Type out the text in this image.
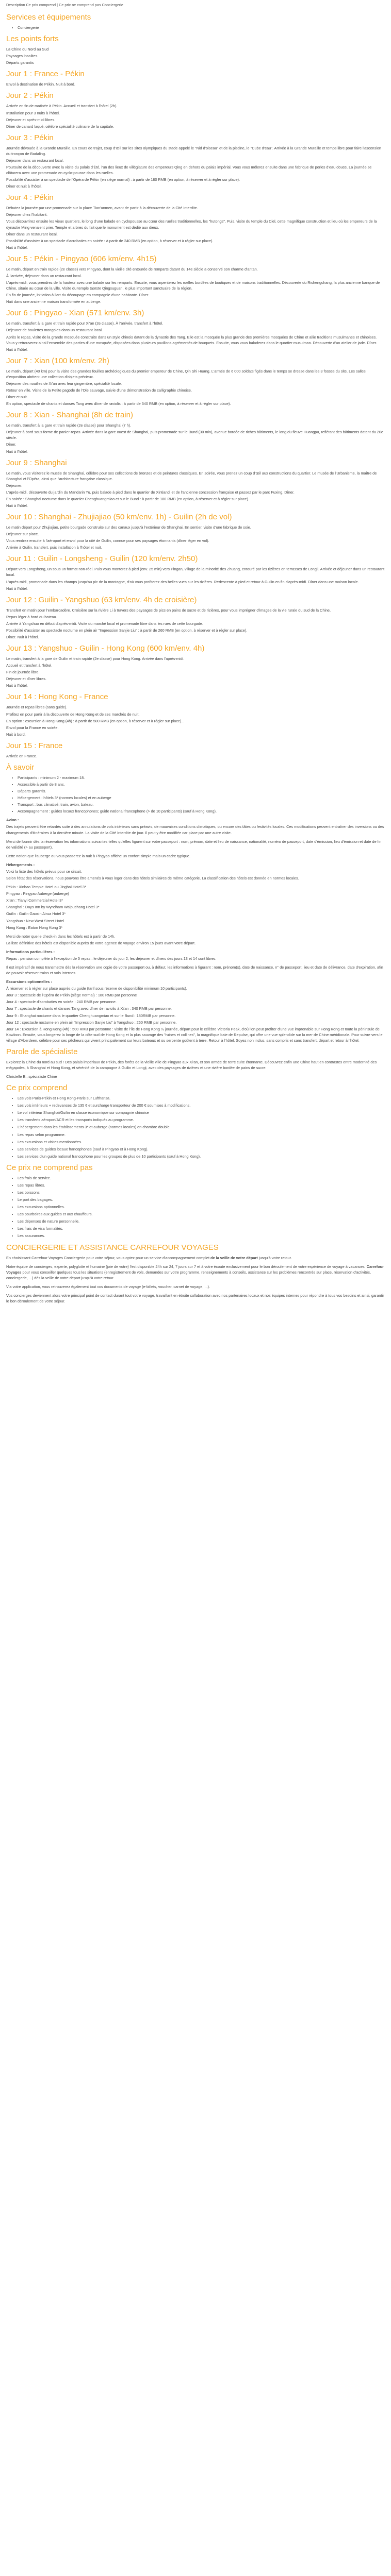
Description Ce prix comprend | Ce prix ne comprend pas Conciergerie
Services et équipements
• Conciergerie
Les points forts

La Chine du Nord au Sud

Paysages insolites

Départs garantis

Jour 1 : France - Pékin

Envol à destination de Pékin. Nuit à bord.

Jour 2 : Pékin

Arrivée en fin de matinée à Pékin. Accueil et transfert à l'hôtel (2h).

Installation pour 3 nuits à l'hôtel.

Déjeuner et après-midi libres.

Dîner de canard laqué, célèbre spécialité culinaire de la capitale.

Jour 3 : Pékin

Journée dévouée à la Grande Muraille. En cours de trajet, coup d'œil sur les sites olympiques du stade appelé le "Nid d'oiseau" et de la piscine, le "Cube d'eau". Arrivée à la Grande Muraille et temps libre pour faire l'ascension du tronçon de Badaling.

Déjeuner dans un restaurant local.

Poursuite de la découverte avec la visite du palais d'Été, l'un des lieux de villégiature des empereurs Qing en dehors du palais impérial. Vous vous mêlerez ensuite dans une fabrique de perles d'eau douce. La journée se clôturera avec une promenade en cyclo-pousse dans les ruelles.

Possibilité d'assister à un spectacle de l'Opéra de Pékin (en siège normal) : à partir de 180 RMB (en option, à réserver et à régler sur place).

Dîner et nuit à l'hôtel.

Jour 4 : Pékin

Débutez la journée par une promenade sur la place Tian'anmen, avant de partir à la découverte de la Cité Interdite.

Déjeuner chez l'habitant.

Vous découvrirez ensuite les vieux quartiers, le long d'une balade en cyclopousse au cœur des ruelles traditionnelles, les "hutongs". Puis, visite du temple du Ciel, cette magnifique construction et lieu où les empereurs de la dynastie Ming venaient prier. Temple et arbres du fait que le monument est dédié aux dieux.

Dîner dans un restaurant local.

Possibilité d'assister à un spectacle d'acrobaties en soirée : à partir de 240 RMB (en option, à réserver et à régler sur place).

Nuit à l'hôtel.

Jour 5 : Pékin - Pingyao (606 km/env. 4h15)

Le matin, départ en train rapide (2e classe) vers Pingyao, dont la vieille cité entourée de remparts datant du 14e siècle a conservé son charme d'antan.

À l'arrivée, déjeuner dans un restaurant local.

L'après-midi, vous prendrez de la hauteur avec une balade sur les remparts. Ensuite, vous arpenterez les ruelles bordées de boutiques et de maisons traditionnelles. Découverte du Rishengchang, la plus ancienne banque de Chine, située au cœur de la ville. Visite du temple taoïste Qingxuguan, le plus important sanctuaire de la région.

En fin de journée, initiation à l'art du découpage en compagnie d'une habitante. Dîner.

Nuit dans une ancienne maison transformée en auberge.

Jour 6 : Pingyao - Xian (571 km/env. 3h)

Le matin, transfert à la gare et train rapide pour Xi'an (2e classe). À l'arrivée, transfert à l'hôtel.

Déjeuner de boulettes mongoles dans un restaurant local.

Après le repas, visite de la grande mosquée construite dans un style chinois datant de la dynastie des Tang. Elle est la mosquée la plus grande des premières mosquées de Chine et allie traditions musulmanes et chinoises. Vous y retrouverez ainsi l'ensemble des parties d'une mosquée, disposées dans plusieurs pavillons agrémentés de bouquets. Ensuite, vous vous baladerez dans le quartier musulman. Découverte d'un atelier de jade. Dîner.

Nuit à l'hôtel.

Jour 7 : Xian (100 km/env. 2h)

Le matin, départ (40 km) pour la visite des grandes fouilles archéologiques du premier empereur de Chine, Qin Shi Huang. L'armée de 6 000 soldats figés dans le temps se dresse dans les 3 fosses du site. Les salles d'exposition abritent une collection d'objets précieux.

Déjeuner des nouilles de Xi'an avec leur gingembre, spécialité locale.

Retour en ville. Visite de la Petite pagode de l'Oie sauvage, suivie d'une démonstration de calligraphie chinoise.

Dîner et nuit.

En option, spectacle de chants et danses Tang avec dîner de raviolis : à partir de 340 RMB (en option, à réserver et à régler sur place).

Jour 8 : Xian - Shanghai (8h de train)

Le matin, transfert à la gare et train rapide (2e classe) pour Shanghai (7 h).

Déjeuner à bord sous forme de panier-repas. Arrivée dans la gare ouest de Shanghai, puis promenade sur le Bund (30 min), avenue bordée de riches bâtiments, le long du fleuve Huangpu, reflétant des bâtiments datant du 20e siècle.

Dîner.

Nuit à l'hôtel.

Jour 9 : Shanghai

Le matin, vous visiterez le musée de Shanghai, célèbre pour ses collections de bronzes et de peintures classiques. En soirée, vous prenez un coup d'œil aux constructions du quartier. Le musée de l'Urbanisme, la maître de Shanghai et l'Opéra, ainsi que l'architecture française classique.

Déjeuner.

L'après-midi, découverte du jardin du Mandarin Yu, puis balade à pied dans le quartier de Xintiandi et de l'ancienne concession française et passez par le parc Fuxing. Dîner.

En soirée : Shanghai nocturne dans le quartier Chenghuangmiao et sur le Bund : à partir de 180 RMB (en option, à réserver et à régler sur place).

Nuit à l'hôtel.

Jour 10 : Shanghai - Zhujiajiao (50 km/env. 1h) - Guilin (2h de vol)

Le matin départ pour Zhujiajiao, petite bourgade construite sur des canaux jusqu'à l'extérieur de Shanghai. En sentier, visite d'une fabrique de soie.

Déjeuner sur place.

Vous rendrez ensuite à l'aéroport et envol pour la cité de Guilin, connue pour ses paysages étonnants (dîner léger en vol).

Arrivée à Guilin, transfert, puis installation à l'hôtel et nuit.

Jour 11 : Guilin - Longsheng - Guilin (120 km/env. 2h50)

Départ vers Longsheng, un sous un format non-réel. Puis vous monterez à pied (env. 25 min) vers Pingan, village de la minorité des Zhuang, entouré par les rizières en terrasses de Longji. Arrivée et déjeuner dans un restaurant local.

L'après-midi, promenade dans les champs jusqu'au pic de la montagne, d'où vous profiterez des belles vues sur les rizières. Redescente à pied et retour à Guilin en fin d'après-midi. Dîner dans une maison locale.

Nuit à l'hôtel.

Jour 12 : Guilin - Yangshuo (63 km/env. 4h de croisière)

Transfert en matin pour l'embarcadère. Croisière sur la rivière Li à travers des paysages de pics en pains de sucre et de rizières, pour vous imprégner d'images de la vie rurale du sud de la Chine.

Repas léger à bord du bateau.

Arrivée à Yangshuo en début d'après-midi. Visite du marché local et promenade libre dans les rues de cette bourgade.

Possibilité d'assister au spectacle nocturne en plein air "Impression Sanjie Liu" : à partir de 260 RMB (en option, à réserver et à régler sur place).

Dîner. Nuit à l'hôtel.

Jour 13 : Yangshuo - Guilin - Hong Kong (600 km/env. 4h)

Le matin, transfert à la gare de Guilin et train rapide (2e classe) pour Hong Kong. Arrivée dans l'après-midi.

Accueil et transfert à l'hôtel.

Fin de journée libre.

Déjeuner et dîner libres.

Nuit à l'hôtel.

Jour 14 : Hong Kong - France

Journée et repas libres (sans guide).

Profitez en pour partir à la découverte de Hong Kong et de ses marchés de nuit.

En option : excursion à Hong Kong (4h) : à partir de 500 RMB (en option, à réserver et à régler sur place)...

Envol pour la France en soirée.

Nuit à bord.

Jour 15 : France

Arrivée en France.

À savoir
• Participants : minimum 2 - maximum 18.
• Accessible à partir de 8 ans.
• Départs garantis.
• Hébergement : hôtels 3* (normes locales) et en auberge
• Transport : bus climatisé, train, avion, bateau.
• Accompagnement : guides locaux francophones; guide national francophone (> de 10 participants) (sauf à Hong Kong).

Avion :

Des trajets peuvent être retardés suite à des annulations de vols intérieurs sans préavis, de mauvaises conditions climatiques, ou encore des tâtes ou festivités locales. Ces modifications peuvent entraîner des inversions ou des changements d'itinéraires à la dernière minute. La visite de la Cité Interdite de jour. Il peut y être modifiée car place par une autre visite.

Merci de fournir dès la réservation les informations suivantes telles qu'elles figurent sur votre passeport : nom, prénom, date et lieu de naissance, nationalité, numéro de passeport, date d'émission, lieu d'émission et date de fin de validité (> au passeport).

Cette notion que l'auberge ou vous passerez la nuit à Pingyao affiche un confort simple mais un cadre typique.

Hébergements :

Voici la liste des hôtels prévus pour ce circuit.

Selon l'état des réservations, nous pouvons être amenés à vous loger dans des hôtels similaires de même catégorie. La classification des hôtels est donnée en normes locales.

Pékin : Xinhao Temple Hotel ou Jinghai Hotel 3*

Pingyao : Pingyao Auberge (auberge)

Xi'an : Tianyi Commercial Hotel 3*

Shanghai : Days Inn by Wyndham Waipuchang Hotel 3*

Guilin : Guilin Gaoxin Airua Hotel 3*

Yangshuo : New West Street Hotel

Hong Kong : Eaton Hong Kong 3*

Merci de noter que le check-in dans les hôtels est à partir de 14h.

La liste définitive des hôtels est disponible auprès de votre agence de voyage environ 15 jours avant votre départ.

Informations particulières :

Repas : pension complète à l'exception de 5 repas : le déjeuner du jour 2, les déjeuner et dîners des jours 13 et 14 sont libres.

Il est impératif de nous transmettre dès la réservation une copie de votre passeport ou, à défaut, les informations à figurant : nom, prénom(s), date de naissance, n° de passeport, lieu et date de délivrance, date d'expiration, afin de pouvoir réserver trains et vols internes.

Excursions optionnelles :

À réserver et à régler sur place auprès du guide (tarif sous réserve de disponibilité minimum 10 participants).

Jour 3 : spectacle de l'Opéra de Pékin (siège normal) : 180 RMB par personne

Jour 4 : spectacle d'acrobaties en soirée : 240 RMB par personne.

Jour 7 : spectacle de chants et danses Tang avec dîner de raviolis à Xi'an : 340 RMB par personne.

Jour 9 : Shanghai nocturne dans le quartier Chenghuangmiao et sur le Bund : 180RMB par personne.

Jour 12 : spectacle nocturne en plein air "Impression Sanjie Liu" à Yangshuo : 260 RMB par personne.

Jour 14 : Excursion à Hong Kong (4h) : 500 RMB par personne : visite de l'île de Hong Kong ½ journée, départ pour le célèbre Victoria Peak, d'où l'on peut profiter d'une vue imprenable sur Hong Kong et toute la péninsule de Kowloon. Ensuite, vous longerez la longe de la côte sud de Hong Kong et la plus sauvage des "ruines et collines", la magnifique baie de Repulse, qui offre une vue splendide sur la mer de Chine méridionale. Pour suivre vers le village d'Aberdeen, célèbre pour ses pêcheurs qui vivent principalement sur leurs bateaux et ou serpente goûtent à terre. Retour à l'hôtel. Soyez non inclus, sans compris et sans transfert, départ et retour à l'hôtel.

Parole de spécialiste

Explorez la Chine du nord au sud ! Des palais impériaux de Pékin, des forêts de la vieille ville de Pingyao aux Xi'an, et son armée de terre cuite étonnante. Découvrez enfin une Chine haut en contrastes entre modernité des mégapoles, à Shanghai et Hong Kong, et sérénité de la campagne à Guilin et Longji, avec des paysages de rizières et une rivière bordée de pains de sucre.

Christelle B., spécialiste Chine

Ce prix comprend
• Les vols Paris-Pékin et Hong Kong-Paris sur Lufthansa.
• Les vols intérieurs + redevances de 135 € et surcharge transporteur de 200 € soumises à modifications.
• Le vol intérieur Shanghai/Guilin en classe économique sur compagnie chinoise
• Les transferts aéroport/ACR et les transports indiqués au programme.
• L'hébergement dans les établissements 3* et auberge (normes locales) en chambre double.
• Les repas selon programme.
• Les excursions et visites mentionnées.
• Les services de guides locaux francophones (sauf à Pingyao et à Hong Kong).
• Les services d'un guide national francophone pour les groupes de plus de 10 participants (sauf à Hong Kong).
Ce prix ne comprend pas
• Les frais de service.
• Les repas libres.
• Les boissons.
• Le port des bagages.
• Les excursions optionnelles.
• Les pourboires aux guides et aux chauffeurs.
• Les dépenses de nature personnelle.
• Les frais de visa formalités.
• Les assurances.
CONCIERGERIE ET ASSISTANCE CARREFOUR VOYAGES

En choisissant Carrefour Voyages Conciergerie pour votre séjour, vous optez pour un service d'accompagnement complet de la veille de votre départ jusqu'à votre retour.

Notre équipe de concierges, experte, polyglotte et humaine (joie de votre) l'est disponible 24h sur 24, 7 jours sur 7 et à votre écoute exclusivement pour le bon déroulement de votre expérience de voyage à vacances. Carrefour Voyages pour vous conseiller quelques tous les situations (enregistrement de vols, demandes sur votre programme, renseignements à conseils, assistance sur les problèmes rencontrés sur place, réservation d'activités, conciergerie, ...) dès la veille de votre départ jusqu'à votre retour.

Via votre application, vous retrouverez également tout vos documents de voyage (e-billets, voucher, carnet de voyage, ...).

Vos concierges deviennent alors votre principal point de contact durant tout votre voyage, travaillant en étroite collaboration avec nos partenaires locaux et nos équipes internes pour répondre à tous vos besoins et ainsi, garantir le bon déroulement de votre séjour.
